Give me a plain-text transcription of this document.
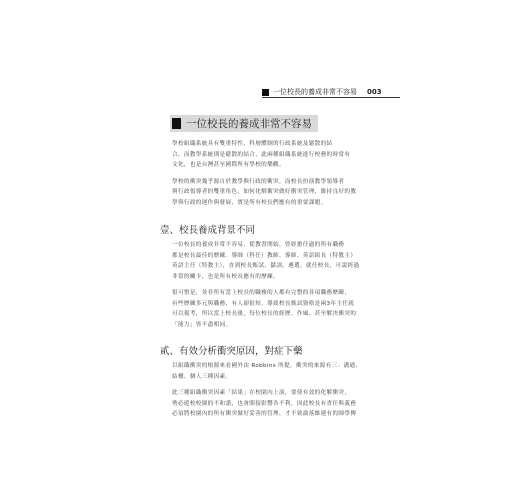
一位校長的養成非常不容易 003
一位校長的養成非常不容易

學校組織系統具有雙重特性，科層體制的行政系統及鬆散的結
合，而教學系統則是鬆散的結合，此兩種組織系統進行校務的時常有
文化，也是台灣甚至國際所有學校的樂觀。

學校的衝突幾乎源自於教學與行政的衝突，而校長扮演教學領導者
與行政領導者的雙重角色，如何化解衝突做好衝突管理，維持良好的教
學與行政的運作與發展，實是所有校長們應有的重要課題。

壹、校長養成背景不同

一位校長的養成非常不容易，從教書開始，曾經擔任過的所有職務
都是校長最佳的歷練。導師（科任）教師、導師、英語組長（特教主）
英語主任（特教主），直到校長甄試、儲訓、遴選、就任校長，可說經過
非常的關卡，也是所有校長應有的歷練。

很可惜是，並非所有當上校長的職務的人都有完整的各項職務歷練，
有些歷練多元與職務，有人卻很短，導致校長甄試資格是兩3年主任就
可以報考，所以當上校長後，每位校長的經歷、作風、甚至解決衝突的
「能力」皆不盡相同。

貳、有效分析衝突原因，對症下藥

以組織衝突的根源來看國外由 Robbins 所提，衝突的來源有三：溝通、
結構、個人三種因素。

此三種組織衝突因素「結果」在校園內上演，要使有效的化解衝突，
勢必遊校校園的不和諧，也會間接影響各不利，因此校長有責任與義務
必須將校園內的所有衝突做好妥善的管理，才不致淪落維運有的師學傳
